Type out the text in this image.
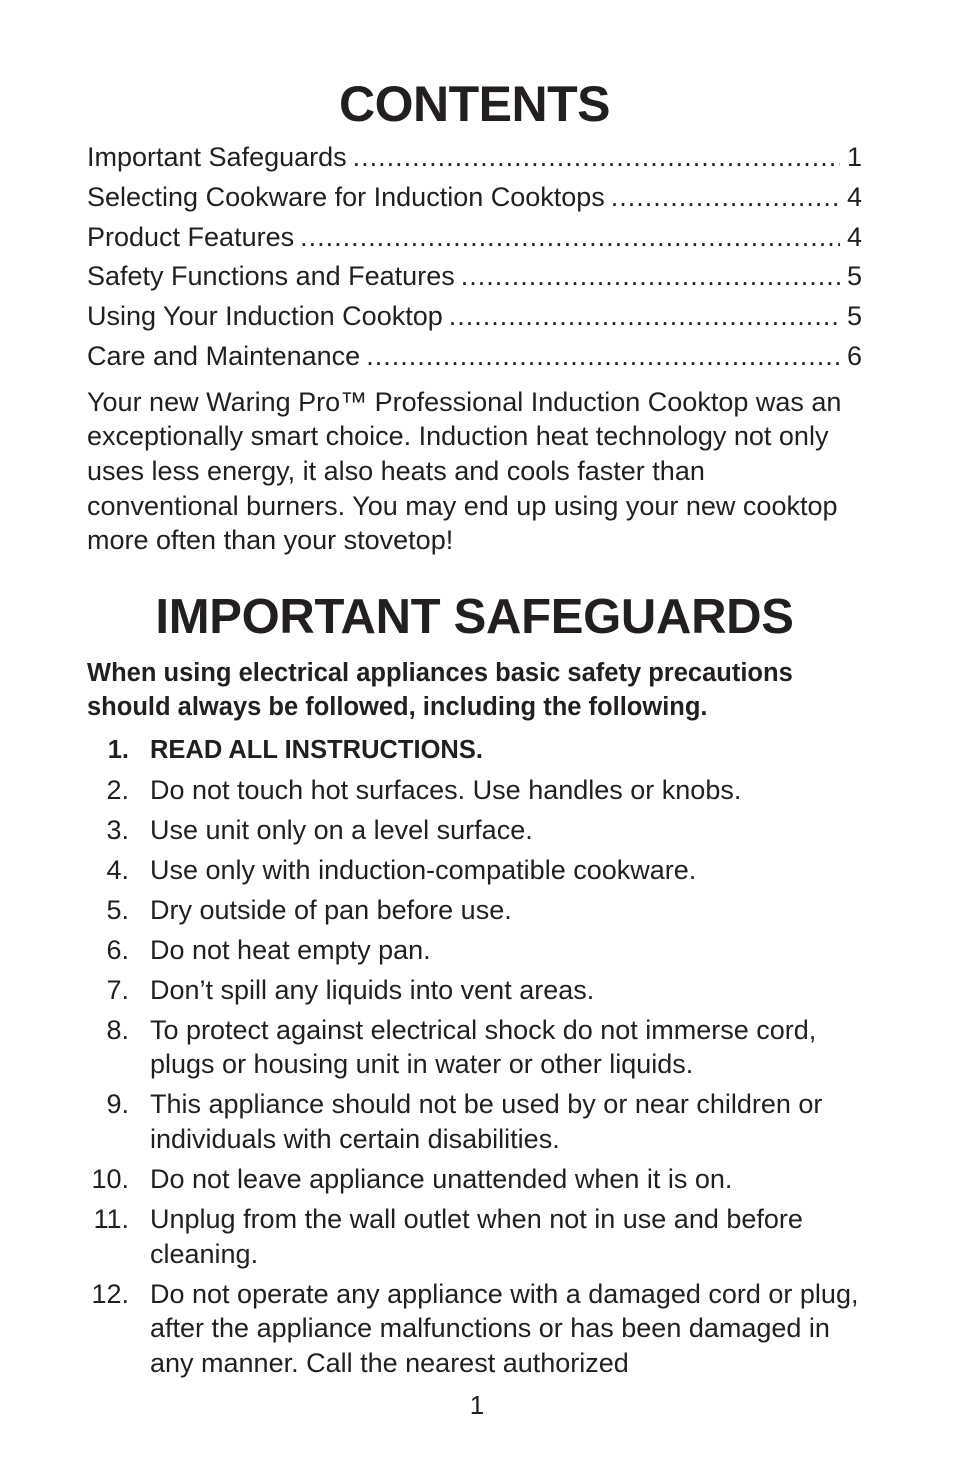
CONTENTS
Important Safeguards .....	1
Selecting Cookware for Induction Cooktops .....	4
Product Features .....	4
Safety Functions and Features .....	5
Using Your Induction Cooktop .....	5
Care and Maintenance .....	6

Your new Waring Pro™ Professional Induction Cooktop was an exceptionally smart choice. Induction heat technology not only uses less energy, it also heats and cools faster than conventional burners. You may end up using your new cooktop more often than your stovetop!

IMPORTANT SAFEGUARDS

When using electrical appliances basic safety precautions should always be followed, including the following.

1. READ ALL INSTRUCTIONS.
2. Do not touch hot surfaces. Use handles or knobs.
3. Use unit only on a level surface.
4. Use only with induction-compatible cookware.
5. Dry outside of pan before use.
6. Do not heat empty pan.
7. Don’t spill any liquids into vent areas.
8. To protect against electrical shock do not immerse cord, plugs or housing unit in water or other liquids.
9. This appliance should not be used by or near children or individuals with certain disabilities.
10. Do not leave appliance unattended when it is on.
11. Unplug from the wall outlet when not in use and before cleaning.
12. Do not operate any appliance with a damaged cord or plug, after the appliance malfunctions or has been damaged in any manner. Call the nearest authorized
1
